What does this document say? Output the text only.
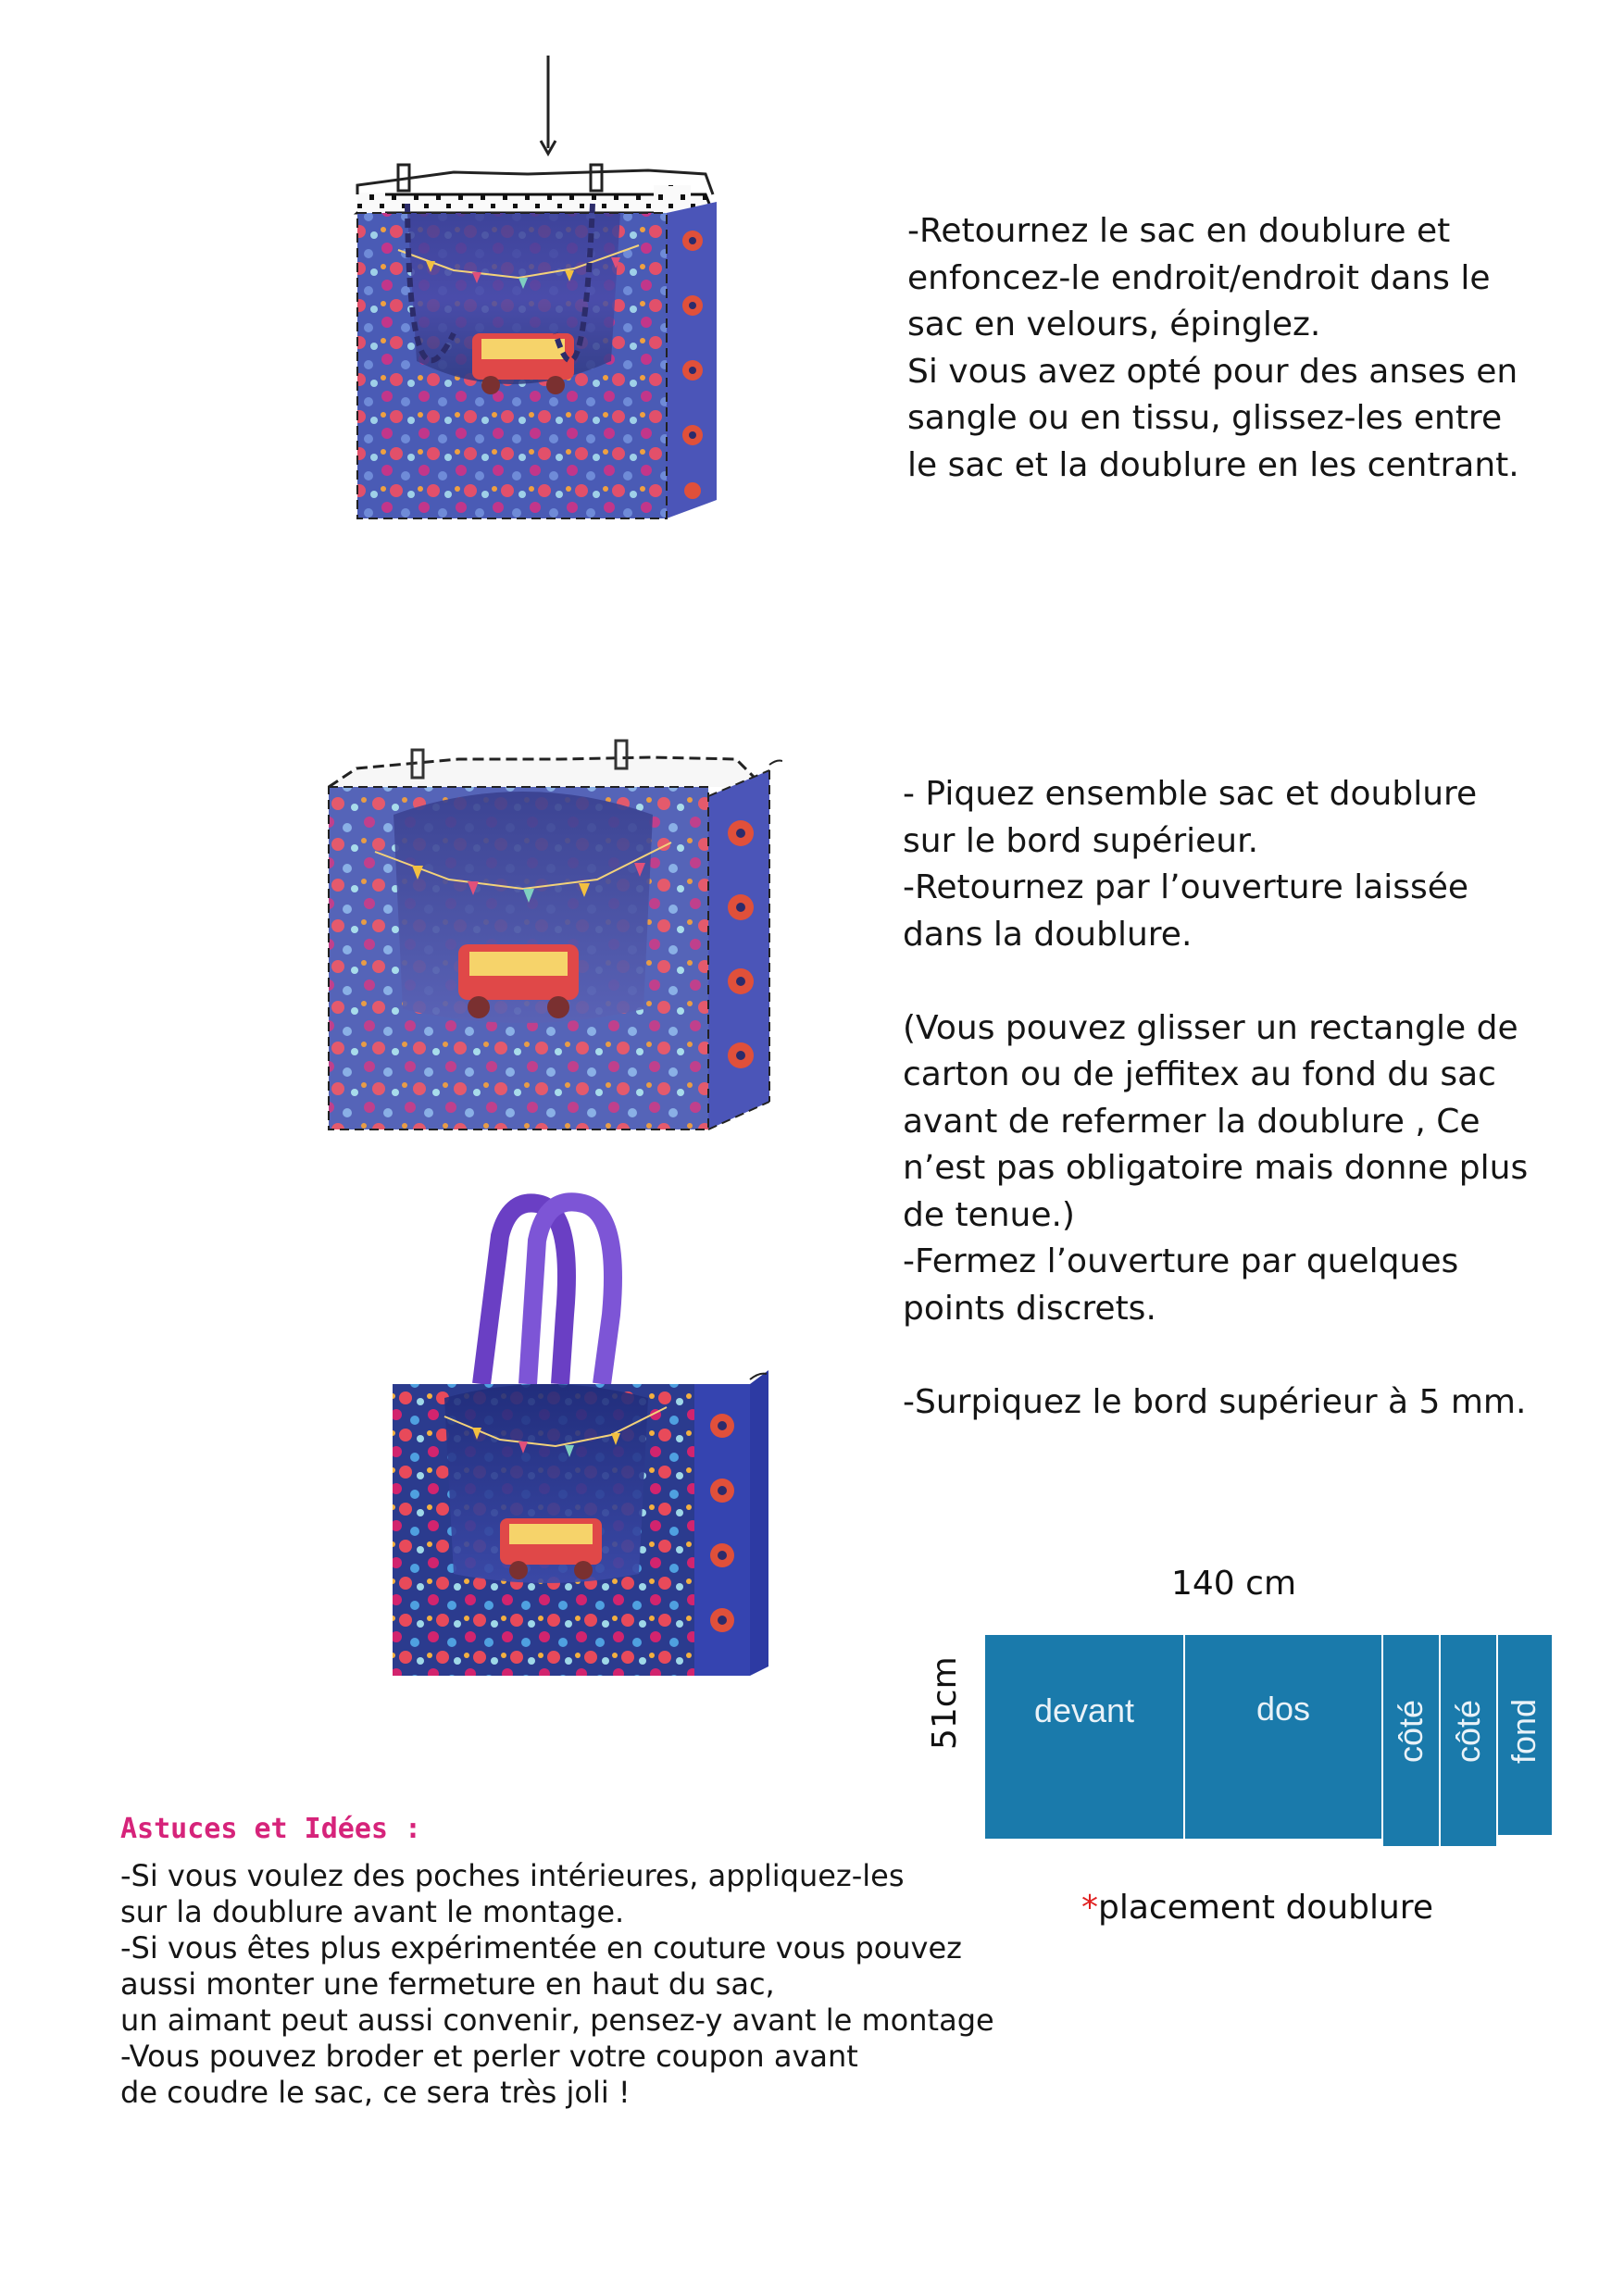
-Retournez le sac en doublure et
enfoncez-le endroit/endroit dans le
sac en velours, épinglez.
Si vous avez opté pour des anses en
sangle ou en tissu, glissez-les entre
le sac et la doublure en les centrant.

- Piquez ensemble sac et doublure
sur le bord supérieur.
-Retournez par l’ouverture laissée
dans la doublure.

(Vous pouvez glisser un rectangle de
carton ou de jeffitex au fond du sac
avant de refermer la doublure , Ce
n’est pas obligatoire mais donne plus
de tenue.)
-Fermez l’ouverture par quelques
points discrets.

-Surpiquez le bord supérieur à 5 mm.

140 cm
51cm devant	dos côté côté fond
*placement doublure
Astuces et Idées :

-Si vous voulez des poches intérieures, appliquez-les

sur la doublure avant le montage.

-Si vous êtes plus expérimentée en couture vous pouvez

aussi monter une fermeture en haut du sac,

un aimant peut aussi convenir, pensez-y avant le montage

-Vous pouvez broder et perler votre coupon avant

de coudre le sac, ce sera très joli !
